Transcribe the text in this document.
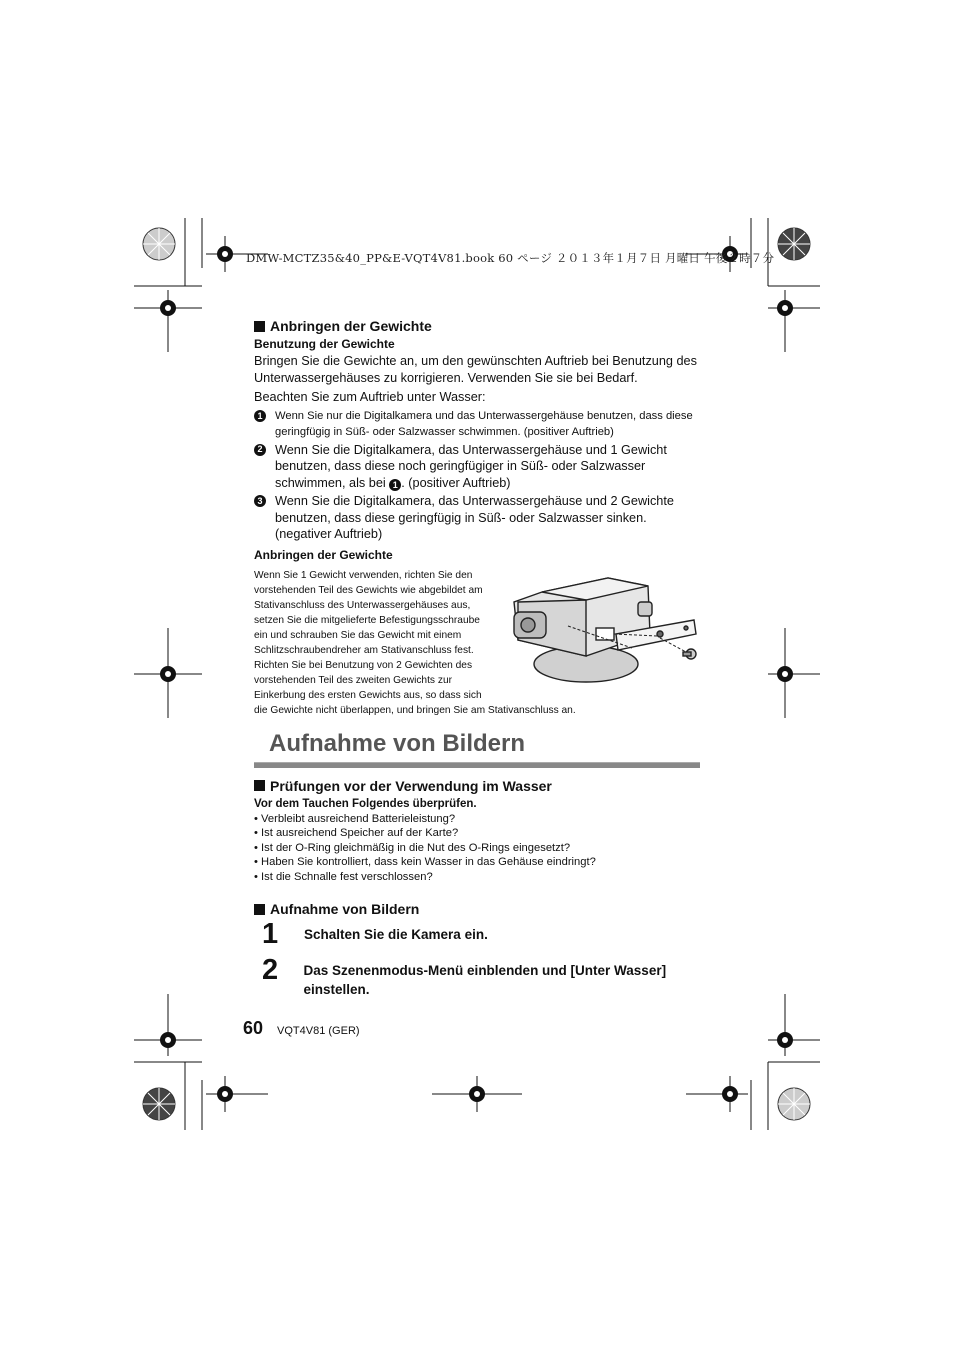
DMW-MCTZ35&40_PP&E-VQT4V81.book 60 ページ ２０１３年１月７日 月曜日 午後２時７分
Anbringen der Gewichte
Benutzung der Gewichte
Bringen Sie die Gewichte an, um den gewünschten Auftrieb bei Benutzung des Unterwassergehäuses zu korrigieren. Verwenden Sie sie bei Bedarf.
Beachten Sie zum Auftrieb unter Wasser:
1	Wenn Sie nur die Digitalkamera und das Unterwassergehäuse benutzen, dass diese geringfügig in Süß- oder Salzwasser schwimmen. (positiver Auftrieb)
2 Wenn Sie die Digitalkamera, das Unterwassergehäuse und 1 Gewicht benutzen, dass diese noch geringfügiger in Süß- oder Salzwasser schwimmen, als bei 1 . (positiver Auftrieb)
3 Wenn Sie die Digitalkamera, das Unterwassergehäuse und 2 Gewichte benutzen, dass diese geringfügig in Süß- oder Salzwasser sinken. (negativer Auftrieb)
Anbringen der Gewichte
Wenn Sie 1 Gewicht verwenden, richten Sie den
vorstehenden Teil des Gewichts wie abgebildet am
Stativanschluss des Unterwassergehäuses aus,
setzen Sie die mitgelieferte Befestigungsschraube
ein und schrauben Sie das Gewicht mit einem
Schlitzschraubendreher am Stativanschluss fest.
Richten Sie bei Benutzung von 2 Gewichten des
vorstehenden Teil des zweiten Gewichts zur
Einkerbung des ersten Gewichts aus, so dass sich
die Gewichte nicht überlappen, und bringen Sie am Stativanschluss an.
Aufnahme von Bildern
Prüfungen vor der Verwendung im Wasser
Vor dem Tauchen Folgendes überprüfen.
• Verbleibt ausreichend Batterieleistung?
• Ist ausreichend Speicher auf der Karte?
• Ist der O-Ring gleichmäßig in die Nut des O-Rings eingesetzt?
• Haben Sie kontrolliert, dass kein Wasser in das Gehäuse eindringt?
• Ist die Schnalle fest verschlossen?
Aufnahme von Bildern
1	Schalten Sie die Kamera ein.
2	Das Szenenmodus-Menü einblenden und [Unter Wasser] einstellen.
60 VQT4V81 (GER)
